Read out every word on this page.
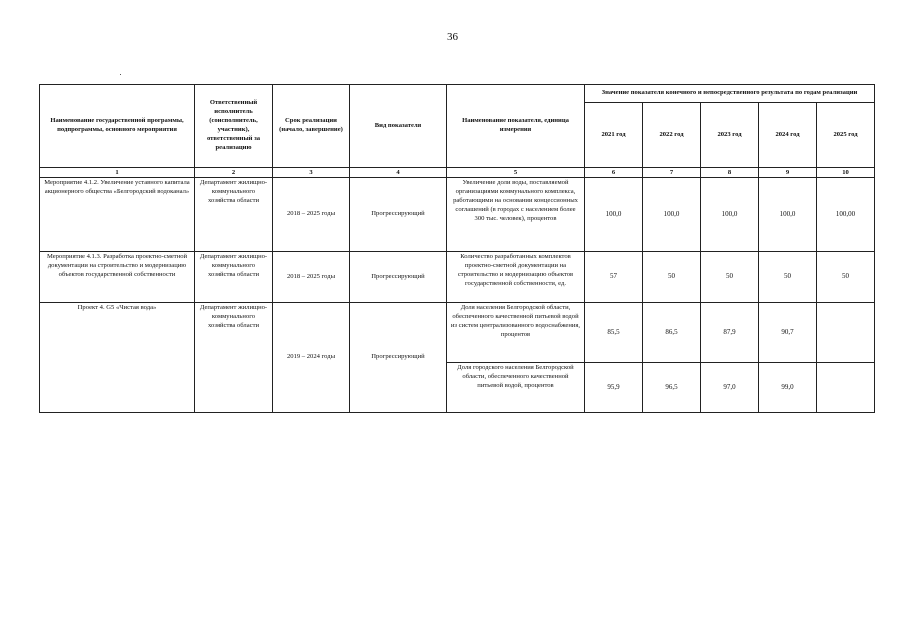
36
Наименование государственной программы, подпрограммы, основного мероприятия	Ответственный исполнитель (соисполнитель, участник), ответственный за реализацию	Срок реализации (начало, завершение)	Вид показателя	Наименование показателя, единица измерения	Значение показателя конечного и непосредственного результата по годам реализации				
					2021 год	2022 год	2023 год	2024 год	2025 год
1	2	3	4	5	6	7	8	9	10
Мероприятие 4.1.2. Увеличение уставного капитала акционерного общества «Белгородский водоканал»	Департамент жилищно-коммунального хозяйства области	2018 – 2025 годы	Прогрессирующий	Увеличение доли воды, поставляемой организациями коммунального комплекса, работающими на основании концессионных соглашений (в городах с населением более 300 тыс. человек), процентов	100,0	100,0	100,0	100,0	100,00
Мероприятие 4.1.3. Разработка проектно-сметной документации на строительство и модернизацию объектов государственной собственности	Департамент жилищно-коммунального хозяйства области	2018 – 2025 годы	Прогрессирующий	Количество разработанных комплектов проектно-сметной документации на строительство и модернизацию объектов государственной собственности, ед.	57	50	50	50	50
Проект 4. G5 «Чистая вода»	Департамент жилищно-коммунального хозяйства области	2019 – 2024 годы	Прогрессирующий	Доля населения Белгородской области, обеспеченного качественной питьевой водой из систем централизованного водоснабжения, процентов	85,5	86,5	87,9	90,7	
				Доля городского населения Белгородской области, обеспеченного качественной питьевой водой, процентов	95,9	96,5	97,0	99,0	
